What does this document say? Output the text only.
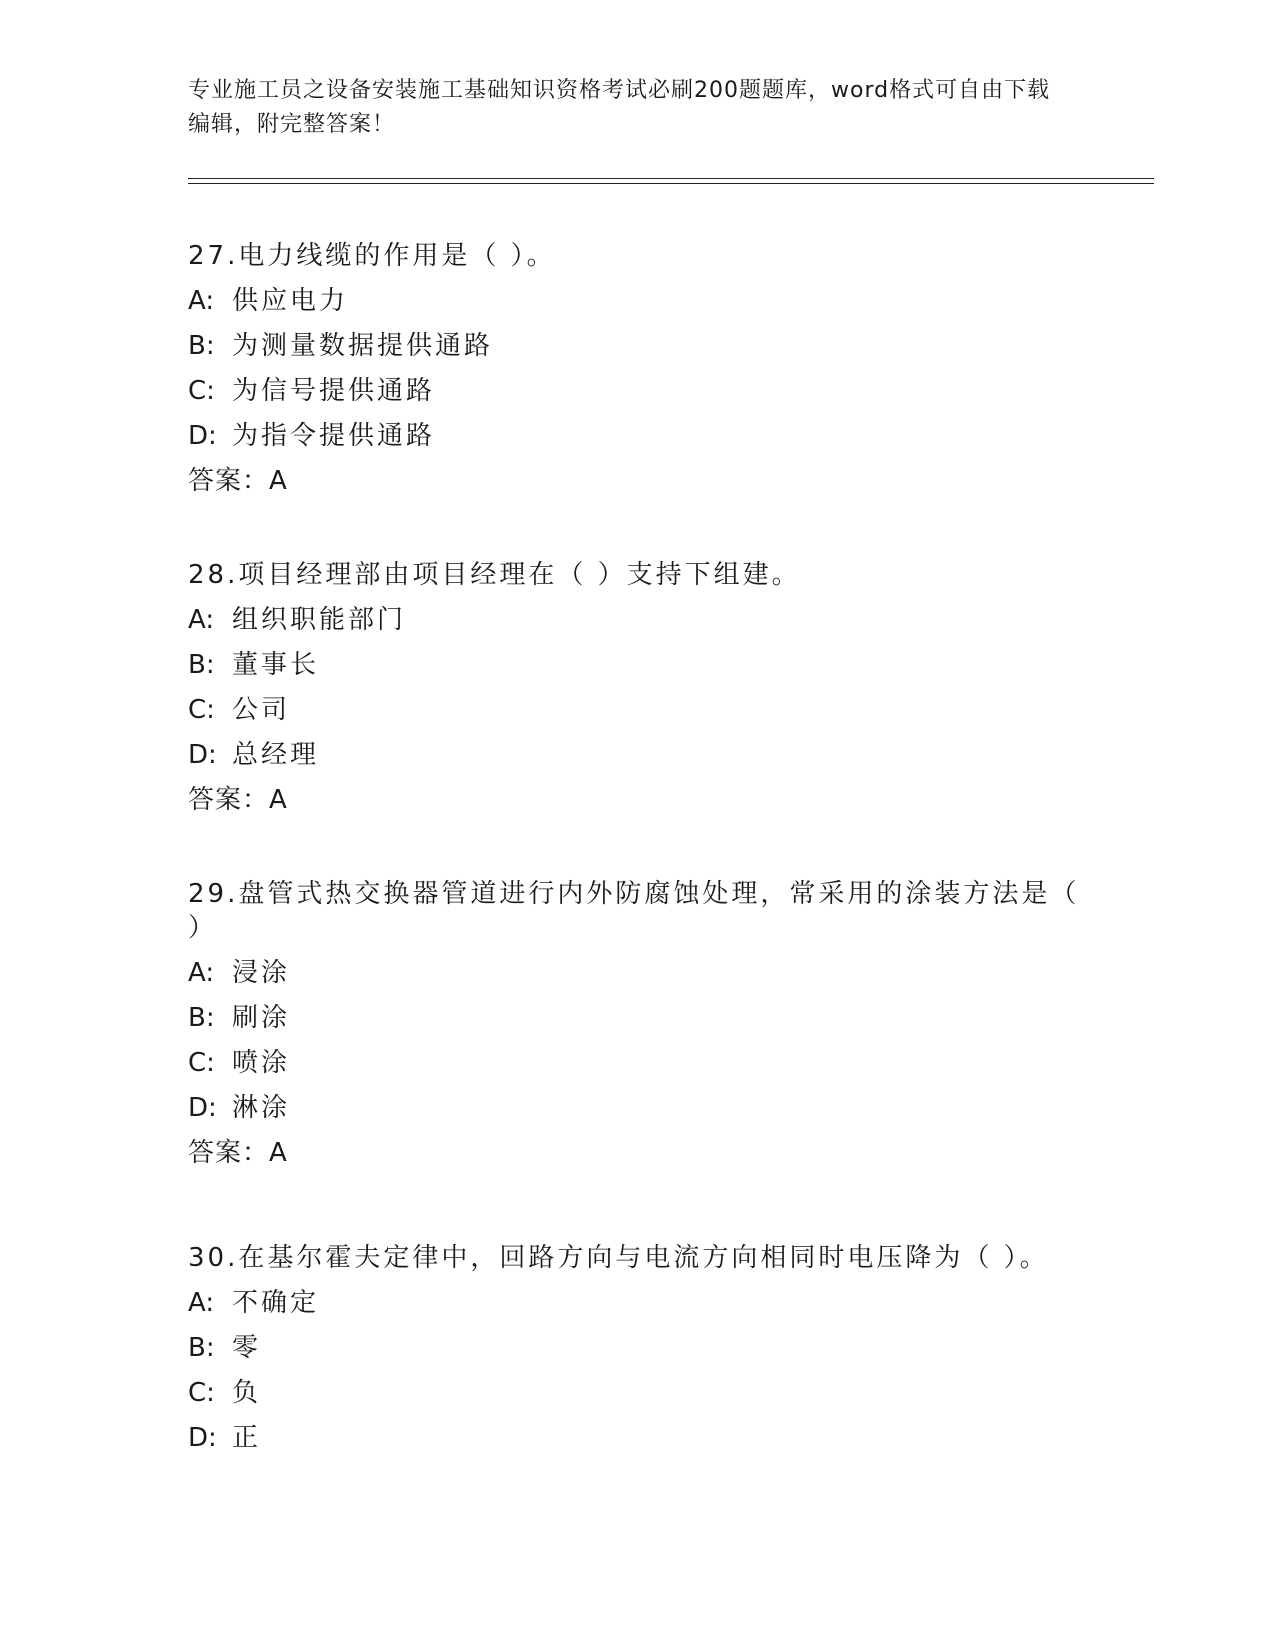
专业施工员之设备安装施工基础知识资格考试必刷200题题库，word格式可自由下载编辑，附完整答案！
27.电力线缆的作用是（ ）。
A: 供应电力
B: 为测量数据提供通路
C: 为信号提供通路
D: 为指令提供通路
答案：A
28.项目经理部由项目经理在（ ）支持下组建。
A: 组织职能部门
B: 董事长
C: 公司
D: 总经理
答案：A
29.盘管式热交换器管道进行内外防腐蚀处理，常采用的涂装方法是（ ）
A: 浸涂
B: 刷涂
C: 喷涂
D: 淋涂
答案：A
30.在基尔霍夫定律中，回路方向与电流方向相同时电压降为（ ）。
A: 不确定
B: 零
C: 负
D: 正
